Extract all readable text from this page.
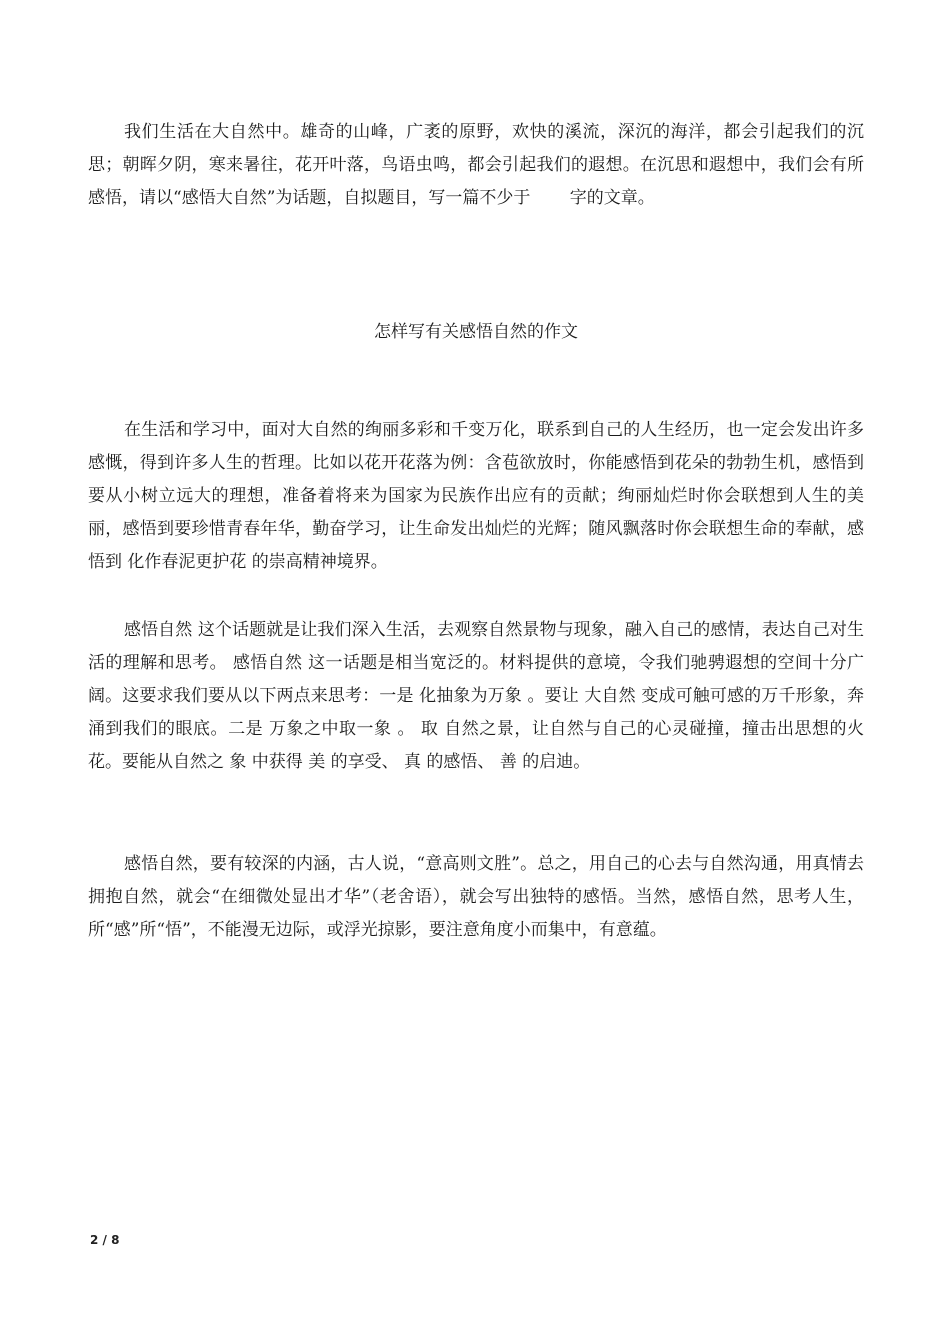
我们生活在大自然中。雄奇的山峰，广袤的原野，欢快的溪流，深沉的海洋，都会引起我们的沉思；朝晖夕阴，寒来暑往，花开叶落，鸟语虫鸣，都会引起我们的遐想。在沉思和遐想中，我们会有所感悟，请以“感悟大自然”为话题，自拟题目，写一篇不少于　　 字的文章。

怎样写有关感悟自然的作文

在生活和学习中，面对大自然的绚丽多彩和千变万化，联系到自己的人生经历，也一定会发出许多感慨，得到许多人生的哲理。比如以花开花落为例：含苞欲放时，你能感悟到花朵的勃勃生机，感悟到要从小树立远大的理想，准备着将来为国家为民族作出应有的贡献；绚丽灿烂时你会联想到人生的美丽，感悟到要珍惜青春年华，勤奋学习，让生命发出灿烂的光辉；随风飘落时你会联想生命的奉献，感悟到 化作春泥更护花 的崇高精神境界。

感悟自然 这个话题就是让我们深入生活，去观察自然景物与现象，融入自己的感情，表达自己对生活的理解和思考。 感悟自然 这一话题是相当宽泛的。材料提供的意境，令我们驰骋遐想的空间十分广阔。这要求我们要从以下两点来思考：一是 化抽象为万象 。要让 大自然 变成可触可感的万千形象，奔涌到我们的眼底。二是 万象之中取一象 。 取 自然之景，让自然与自己的心灵碰撞，撞击出思想的火花。要能从自然之 象 中获得 美 的享受、 真 的感悟、 善 的启迪。

感悟自然，要有较深的内涵，古人说，“意高则文胜”。总之，用自己的心去与自然沟通，用真情去拥抱自然，就会“在细微处显出才华”（老舍语），就会写出独特的感悟。当然，感悟自然，思考人生，所“感”所“悟”，不能漫无边际，或浮光掠影，要注意角度小而集中，有意蕴。

2 / 8
